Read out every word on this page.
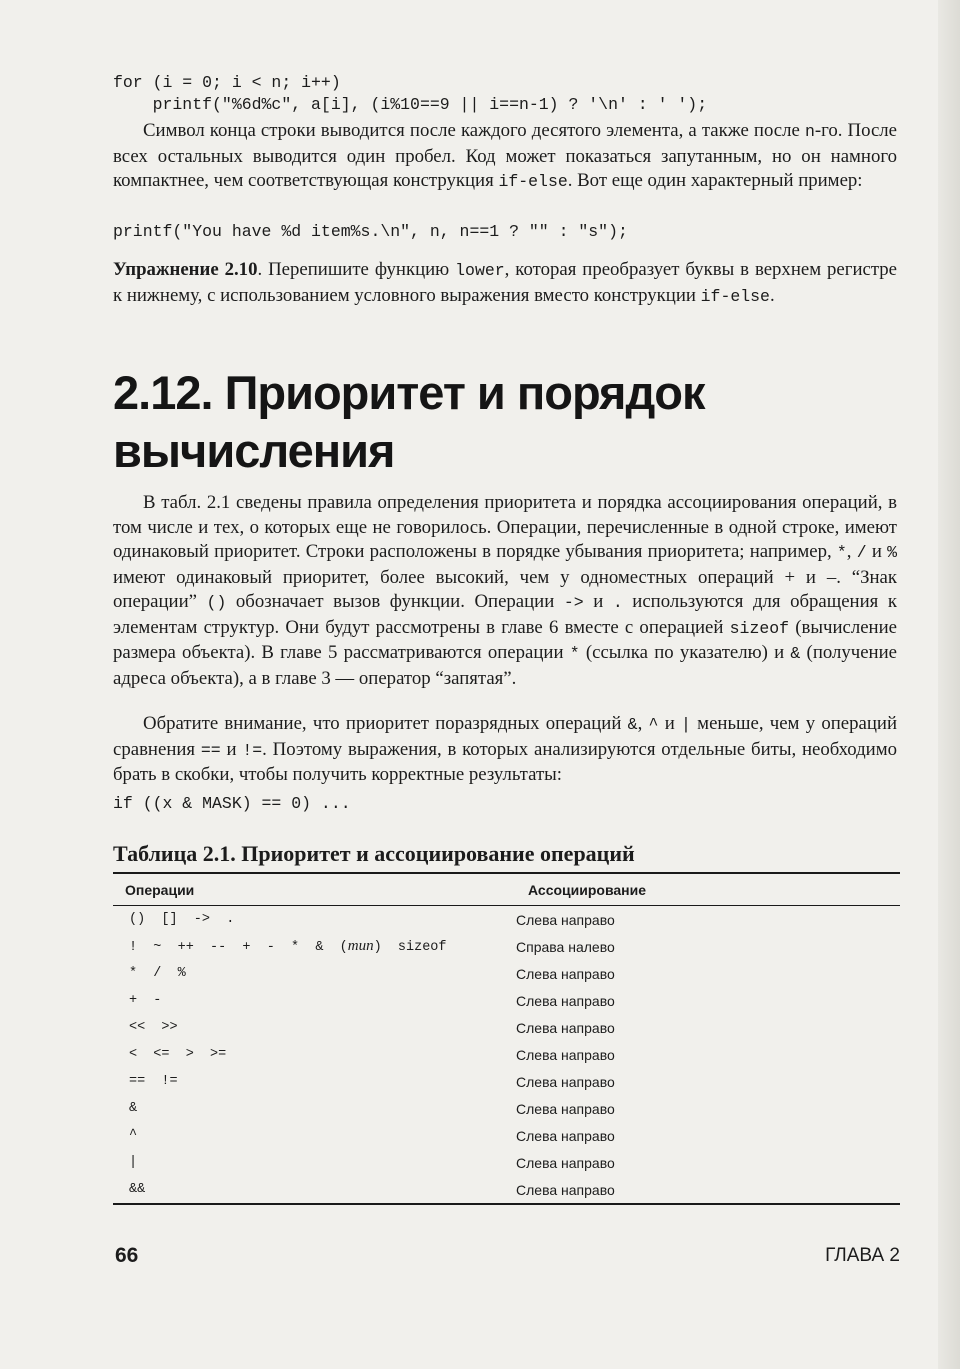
for (i = 0; i < n; i++)
printf("%6d%c", a[i], (i%10==9 || i==n-1) ? '\n' : ' ');

Символ конца строки выводится после каждого десятого элемента, а также после n-го. После всех остальных выводится один пробел. Код может показаться запутанным, но он намного компактнее, чем соответствующая конструкция if-else. Вот еще один характерный пример:

printf("You have %d item%s.\n", n, n==1 ? "" : "s");

Упражнение 2.10. Перепишите функцию lower, которая преобразует буквы в верхнем регистре к нижнему, с использованием условного выражения вместо конструкции if-else.

2.12. Приоритет и порядок вычисления

В табл. 2.1 сведены правила определения приоритета и порядка ассоциирования операций, в том числе и тех, о которых еще не говорилось. Операции, перечисленные в одной строке, имеют одинаковый приоритет. Строки расположены в порядке убывания приоритета; например, *, / и % имеют одинаковый приоритет, более высокий, чем у одноместных операций + и –. “Знак операции” () обозначает вызов функции. Операции -> и . используются для обращения к элементам структур. Они будут рассмотрены в главе 6 вместе с операцией sizeof (вычисление размера объекта). В главе 5 рассматриваются операции * (ссылка по указателю) и & (получение адреса объекта), а в главе 3 — оператор “запятая”.

Обратите внимание, что приоритет поразрядных операций &, ^ и | меньше, чем у операций сравнения == и !=. Поэтому выражения, в которых анализируются отдельные биты, необходимо брать в скобки, чтобы получить корректные результаты:

if ((x & MASK) == 0) ...

Таблица 2.1. Приоритет и ассоциирование операций

Операции	Ассоциирование
()  []  ->  .	Слева направо
!  ~  ++  --  +  -  *  &  (тип)  sizeof	Справа налево
*  /  %	Слева направо
+  -	Слева направо
<<  >>	Слева направо
<  <=  >  >=	Слева направо
==  !=	Слева направо
&	Слева направо
^	Слева направо
|	Слева направо
&&	Слева направо
66	ГЛАВА 2
